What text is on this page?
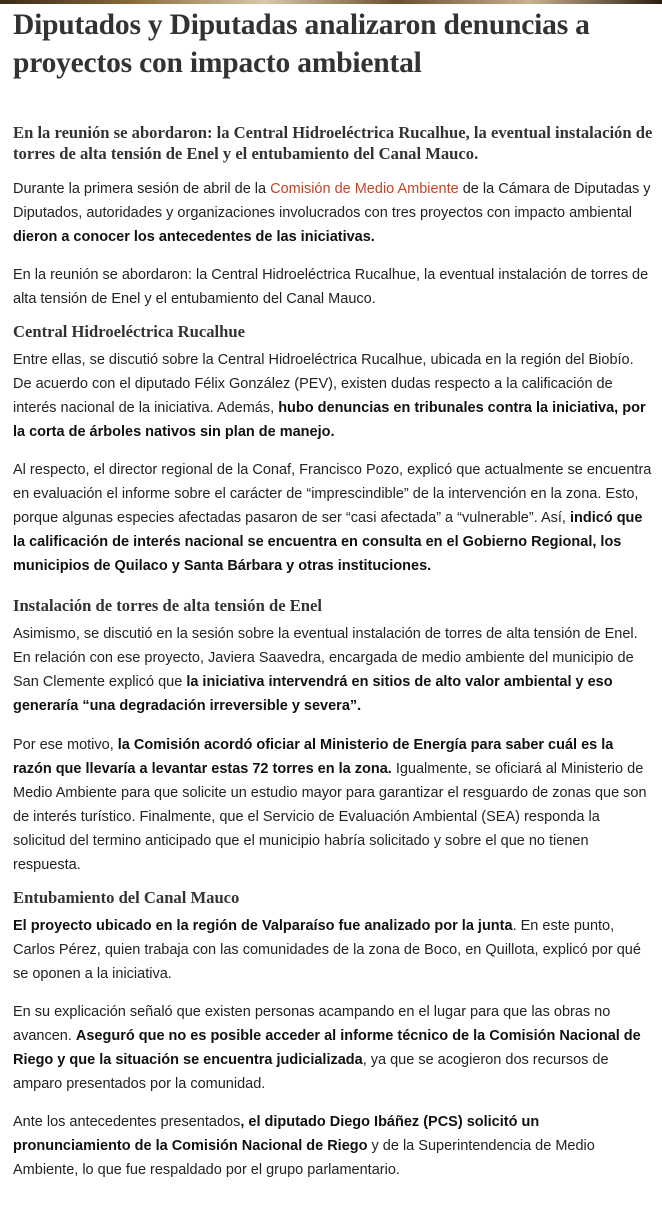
Diputados y Diputadas analizaron denuncias a proyectos con impacto ambiental
En la reunión se abordaron: la Central Hidroeléctrica Rucalhue, la eventual instalación de torres de alta tensión de Enel y el entubamiento del Canal Mauco.

Durante la primera sesión de abril de la Comisión de Medio Ambiente de la Cámara de Diputadas y Diputados, autoridades y organizaciones involucrados con tres proyectos con impacto ambiental dieron a conocer los antecedentes de las iniciativas.

En la reunión se abordaron: la Central Hidroeléctrica Rucalhue, la eventual instalación de torres de alta tensión de Enel y el entubamiento del Canal Mauco.

Central Hidroeléctrica Rucalhue

Entre ellas, se discutió sobre la Central Hidroeléctrica Rucalhue, ubicada en la región del Biobío. De acuerdo con el diputado Félix González (PEV), existen dudas respecto a la calificación de interés nacional de la iniciativa. Además, hubo denuncias en tribunales contra la iniciativa, por la corta de árboles nativos sin plan de manejo.

Al respecto, el director regional de la Conaf, Francisco Pozo, explicó que actualmente se encuentra en evaluación el informe sobre el carácter de “imprescindible” de la intervención en la zona. Esto, porque algunas especies afectadas pasaron de ser “casi afectada” a “vulnerable”. Así, indicó que la calificación de interés nacional se encuentra en consulta en el Gobierno Regional, los municipios de Quilaco y Santa Bárbara y otras instituciones.

Instalación de torres de alta tensión de Enel

Asimismo, se discutió en la sesión sobre la eventual instalación de torres de alta tensión de Enel. En relación con ese proyecto, Javiera Saavedra, encargada de medio ambiente del municipio de San Clemente explicó que la iniciativa intervendrá en sitios de alto valor ambiental y eso generaría “una degradación irreversible y severa”.

Por ese motivo, la Comisión acordó oficiar al Ministerio de Energía para saber cuál es la razón que llevaría a levantar estas 72 torres en la zona. Igualmente, se oficiará al Ministerio de Medio Ambiente para que solicite un estudio mayor para garantizar el resguardo de zonas que son de interés turístico. Finalmente, que el Servicio de Evaluación Ambiental (SEA) responda la solicitud del termino anticipado que el municipio habría solicitado y sobre el que no tienen respuesta.

Entubamiento del Canal Mauco

El proyecto ubicado en la región de Valparaíso fue analizado por la junta. En este punto, Carlos Pérez, quien trabaja con las comunidades de la zona de Boco, en Quillota, explicó por qué se oponen a la iniciativa.

En su explicación señaló que existen personas acampando en el lugar para que las obras no avancen. Aseguró que no es posible acceder al informe técnico de la Comisión Nacional de Riego y que la situación se encuentra judicializada, ya que se acogieron dos recursos de amparo presentados por la comunidad.

Ante los antecedentes presentados, el diputado Diego Ibáñez (PCS) solicitó un pronunciamiento de la Comisión Nacional de Riego y de la Superintendencia de Medio Ambiente, lo que fue respaldado por el grupo parlamentario.
